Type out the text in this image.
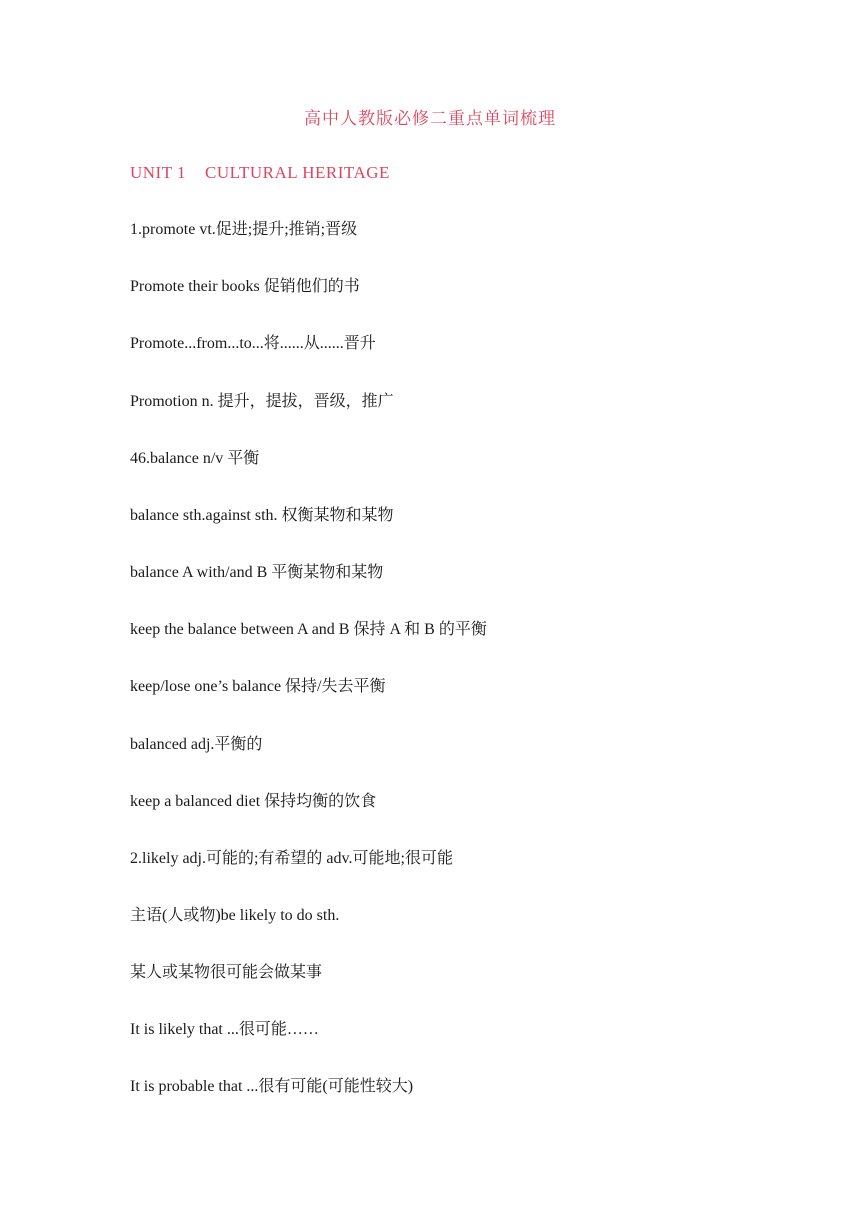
高中人教版必修二重点单词梳理
UNIT 1    CULTURAL HERITAGE
1.promote vt.促进;提升;推销;晋级
Promote their books 促销他们的书
Promote...from...to...将......从......晋升
Promotion n. 提升，提拔，晋级，推广
46.balance n/v 平衡
balance sth.against sth. 权衡某物和某物
balance A with/and B 平衡某物和某物
keep the balance between A and B 保持 A 和 B 的平衡
keep/lose one’s balance 保持/失去平衡
balanced adj.平衡的
keep a balanced diet 保持均衡的饮食
2.likely adj.可能的;有希望的 adv.可能地;很可能
主语(人或物)be likely to do sth.
某人或某物很可能会做某事
It is likely that ...很可能……
It is probable that ...很有可能(可能性较大)
